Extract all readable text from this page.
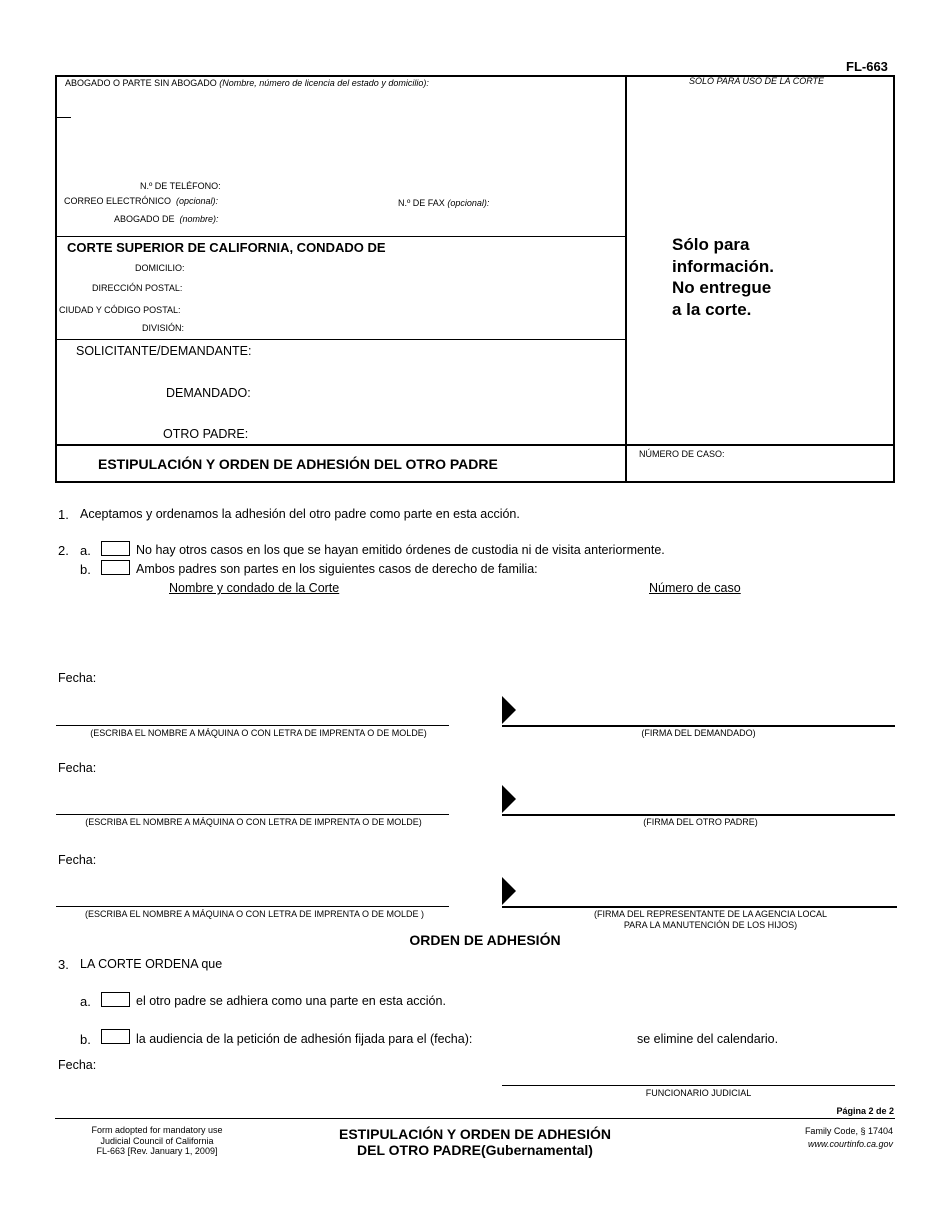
FL-663
ABOGADO O PARTE SIN ABOGADO (Nombre, número de licencia del estado y domicilio):	SÓLO PARA USO DE LA CORTE
N.º DE TELÉFONO:
CORREO ELECTRÓNICO (opcional):	N.º DE FAX (opcional):
ABOGADO DE (nombre):
CORTE SUPERIOR DE CALIFORNIA, CONDADO DE
DOMICILIO:
DIRECCIÓN POSTAL:
CIUDAD Y CÓDIGO POSTAL:
DIVISIÓN:
SOLICITANTE/DEMANDANTE:
DEMANDADO:
OTRO PADRE:
ESTIPULACIÓN Y ORDEN DE ADHESIÓN DEL OTRO PADRE
NÚMERO DE CASO:
Sólo para
información.
No entregue
a la corte.
1. Aceptamos y ordenamos la adhesión del otro padre como parte en esta acción.
2. a.	No hay otros casos en los que se hayan emitido órdenes de custodia ni de visita anteriormente.
b.	Ambos padres son partes en los siguientes casos de derecho de familia:
Nombre y condado de la Corte	Número de caso
Fecha:
(ESCRIBA EL NOMBRE A MÁQUINA O CON LETRA DE IMPRENTA O DE MOLDE)	(FIRMA DEL DEMANDADO)
Fecha:
(ESCRIBA EL NOMBRE A MÁQUINA O CON LETRA DE IMPRENTA O DE MOLDE)	(FIRMA DEL OTRO PADRE)
Fecha:
(ESCRIBA EL NOMBRE A MÁQUINA O CON LETRA DE IMPRENTA O DE MOLDE )	(FIRMA DEL REPRESENTANTE DE LA AGENCIA LOCAL
PARA LA MANUTENCIÓN DE LOS HIJOS)
ORDEN DE ADHESIÓN
3. LA CORTE ORDENA que
a.	el otro padre se adhiera como una parte en esta acción.
b.	la audiencia de la petición de adhesión fijada para el (fecha):	se elimine del calendario.
Fecha:
FUNCIONARIO JUDICIAL
Página 2 de 2
Form adopted for mandatory use
Judicial Council of California
FL-663 [Rev. January 1, 2009]
ESTIPULACIÓN Y ORDEN DE ADHESIÓN
DEL OTRO PADRE(Gubernamental)
Family Code, § 17404
www.courtinfo.ca.gov
